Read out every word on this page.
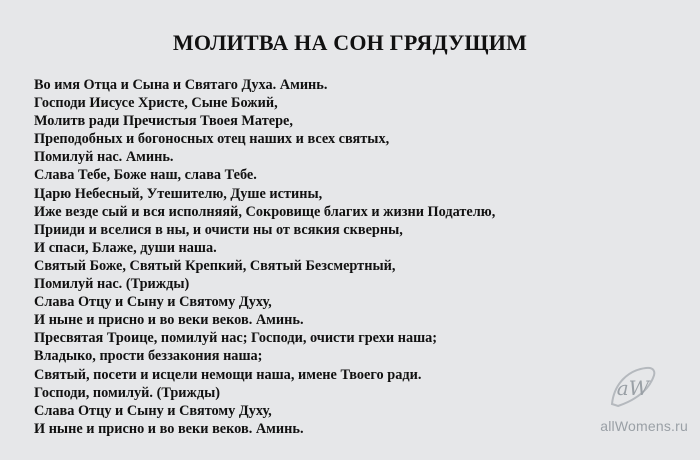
МОЛИТВА НА СОН ГРЯДУЩИМ
Во имя Отца и Сына и Святаго Духа. Аминь.
Господи Иисусе Христе, Сыне Божий,
Молитв ради Пречистыя Твоея Матере,
Преподобных и богоносных отец наших и всех святых,
Помилуй нас. Аминь.
Слава Тебе, Боже наш, слава Тебе.
Царю Небесный, Утешителю, Душе истины,
Иже везде сый и вся исполняяй, Сокровище благих и жизни Подателю,
Прииди и вселися в ны, и очисти ны от всякия скверны,
И спаси, Блаже, души наша.
Святый Боже, Святый Крепкий, Святый Безсмертный,
Помилуй нас. (Трижды)
Слава Отцу и Сыну и Святому Духу,
И ныне и присно и во веки веков. Аминь.
Пресвятая Троице, помилуй нас; Господи, очисти грехи наша;
Владыко, прости беззакония наша;
Святый, посети и исцели немощи наша, имене Твоего ради.
Господи, помилуй. (Трижды)
Слава Отцу и Сыну и Святому Духу,
И ныне и присно и во веки веков. Аминь.
aW
allWomens.ru
